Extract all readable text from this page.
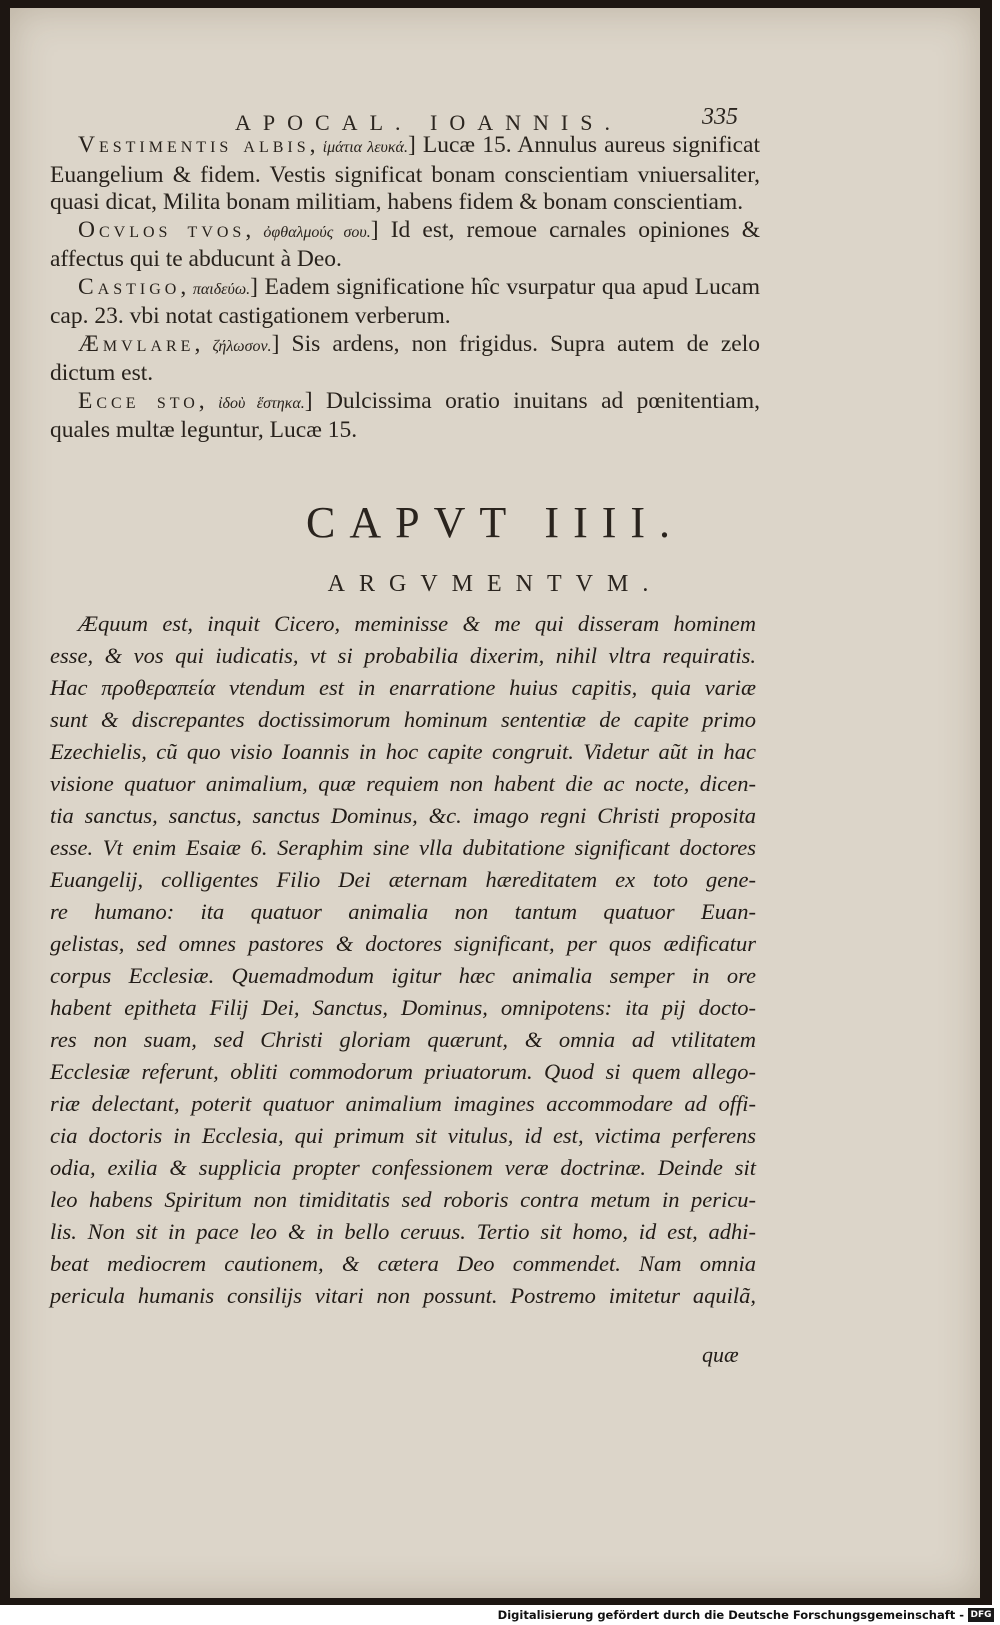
APOCAL. IOANNIS.	335

Vestimentis albis, ἱμάτια λευκά.] Lucæ 15. Annulus aureus significat Euangelium & fidem. Vestis significat bonam conscientiam vniuersaliter, quasi dicat, Milita bonam militiam, habens fidem & bonam conscientiam.

Ocvlos tvos, ὀφθαλμούς σου.] Id est, remoue carnales opiniones & affectus qui te abducunt à Deo.

Castigo, παιδεύω.] Eadem significatione hîc vsurpatur qua apud Lucam cap. 23. vbi notat castigationem verberum.

Æmvlare, ζήλωσον.] Sis ardens, non frigidus. Supra autem de zelo dictum est.

Ecce sto, ἰδοὺ ἕστηκα.] Dulcissima oratio inuitans ad pœnitentiam, quales multæ leguntur, Lucæ 15.

CAPVT IIII.
ARGVMENTVM.
Æquum est, inquit Cicero, meminisse & me qui disseram hominem
esse, & vos qui iudicatis, vt si probabilia dixerim, nihil vltra requiratis.
Hac προθεραπεία vtendum est in enarratione huius capitis, quia variæ
sunt & discrepantes doctissimorum hominum sententiæ de capite primo
Ezechielis, cũ quo visio Ioannis in hoc capite congruit. Videtur aũt in hac
visione quatuor animalium, quæ requiem non habent die ac nocte, dicen-
tia sanctus, sanctus, sanctus Dominus, &c. imago regni Christi proposita
esse. Vt enim Esaiæ 6. Seraphim sine vlla dubitatione significant doctores
Euangelij, colligentes Filio Dei æternam hæreditatem ex toto gene-
re humano: ita quatuor animalia non tantum quatuor Euan-
gelistas, sed omnes pastores & doctores significant, per quos ædificatur
corpus Ecclesiæ. Quemadmodum igitur hæc animalia semper in ore
habent epitheta Filij Dei, Sanctus, Dominus, omnipotens: ita pij docto-
res non suam, sed Christi gloriam quærunt, & omnia ad vtilitatem
Ecclesiæ referunt, obliti commodorum priuatorum. Quod si quem allego-
riæ delectant, poterit quatuor animalium imagines accommodare ad offi-
cia doctoris in Ecclesia, qui primum sit vitulus, id est, victima perferens
odia, exilia & supplicia propter confessionem veræ doctrinæ. Deinde sit
leo habens Spiritum non timiditatis sed roboris contra metum in pericu-
lis. Non sit in pace leo & in bello ceruus. Tertio sit homo, id est, adhi-
beat mediocrem cautionem, & cætera Deo commendet. Nam omnia
pericula humanis consilijs vitari non possunt. Postremo imitetur aquilã,
quæ
Digitalisierung gefördert durch die Deutsche Forschungsgemeinschaft - DFG
